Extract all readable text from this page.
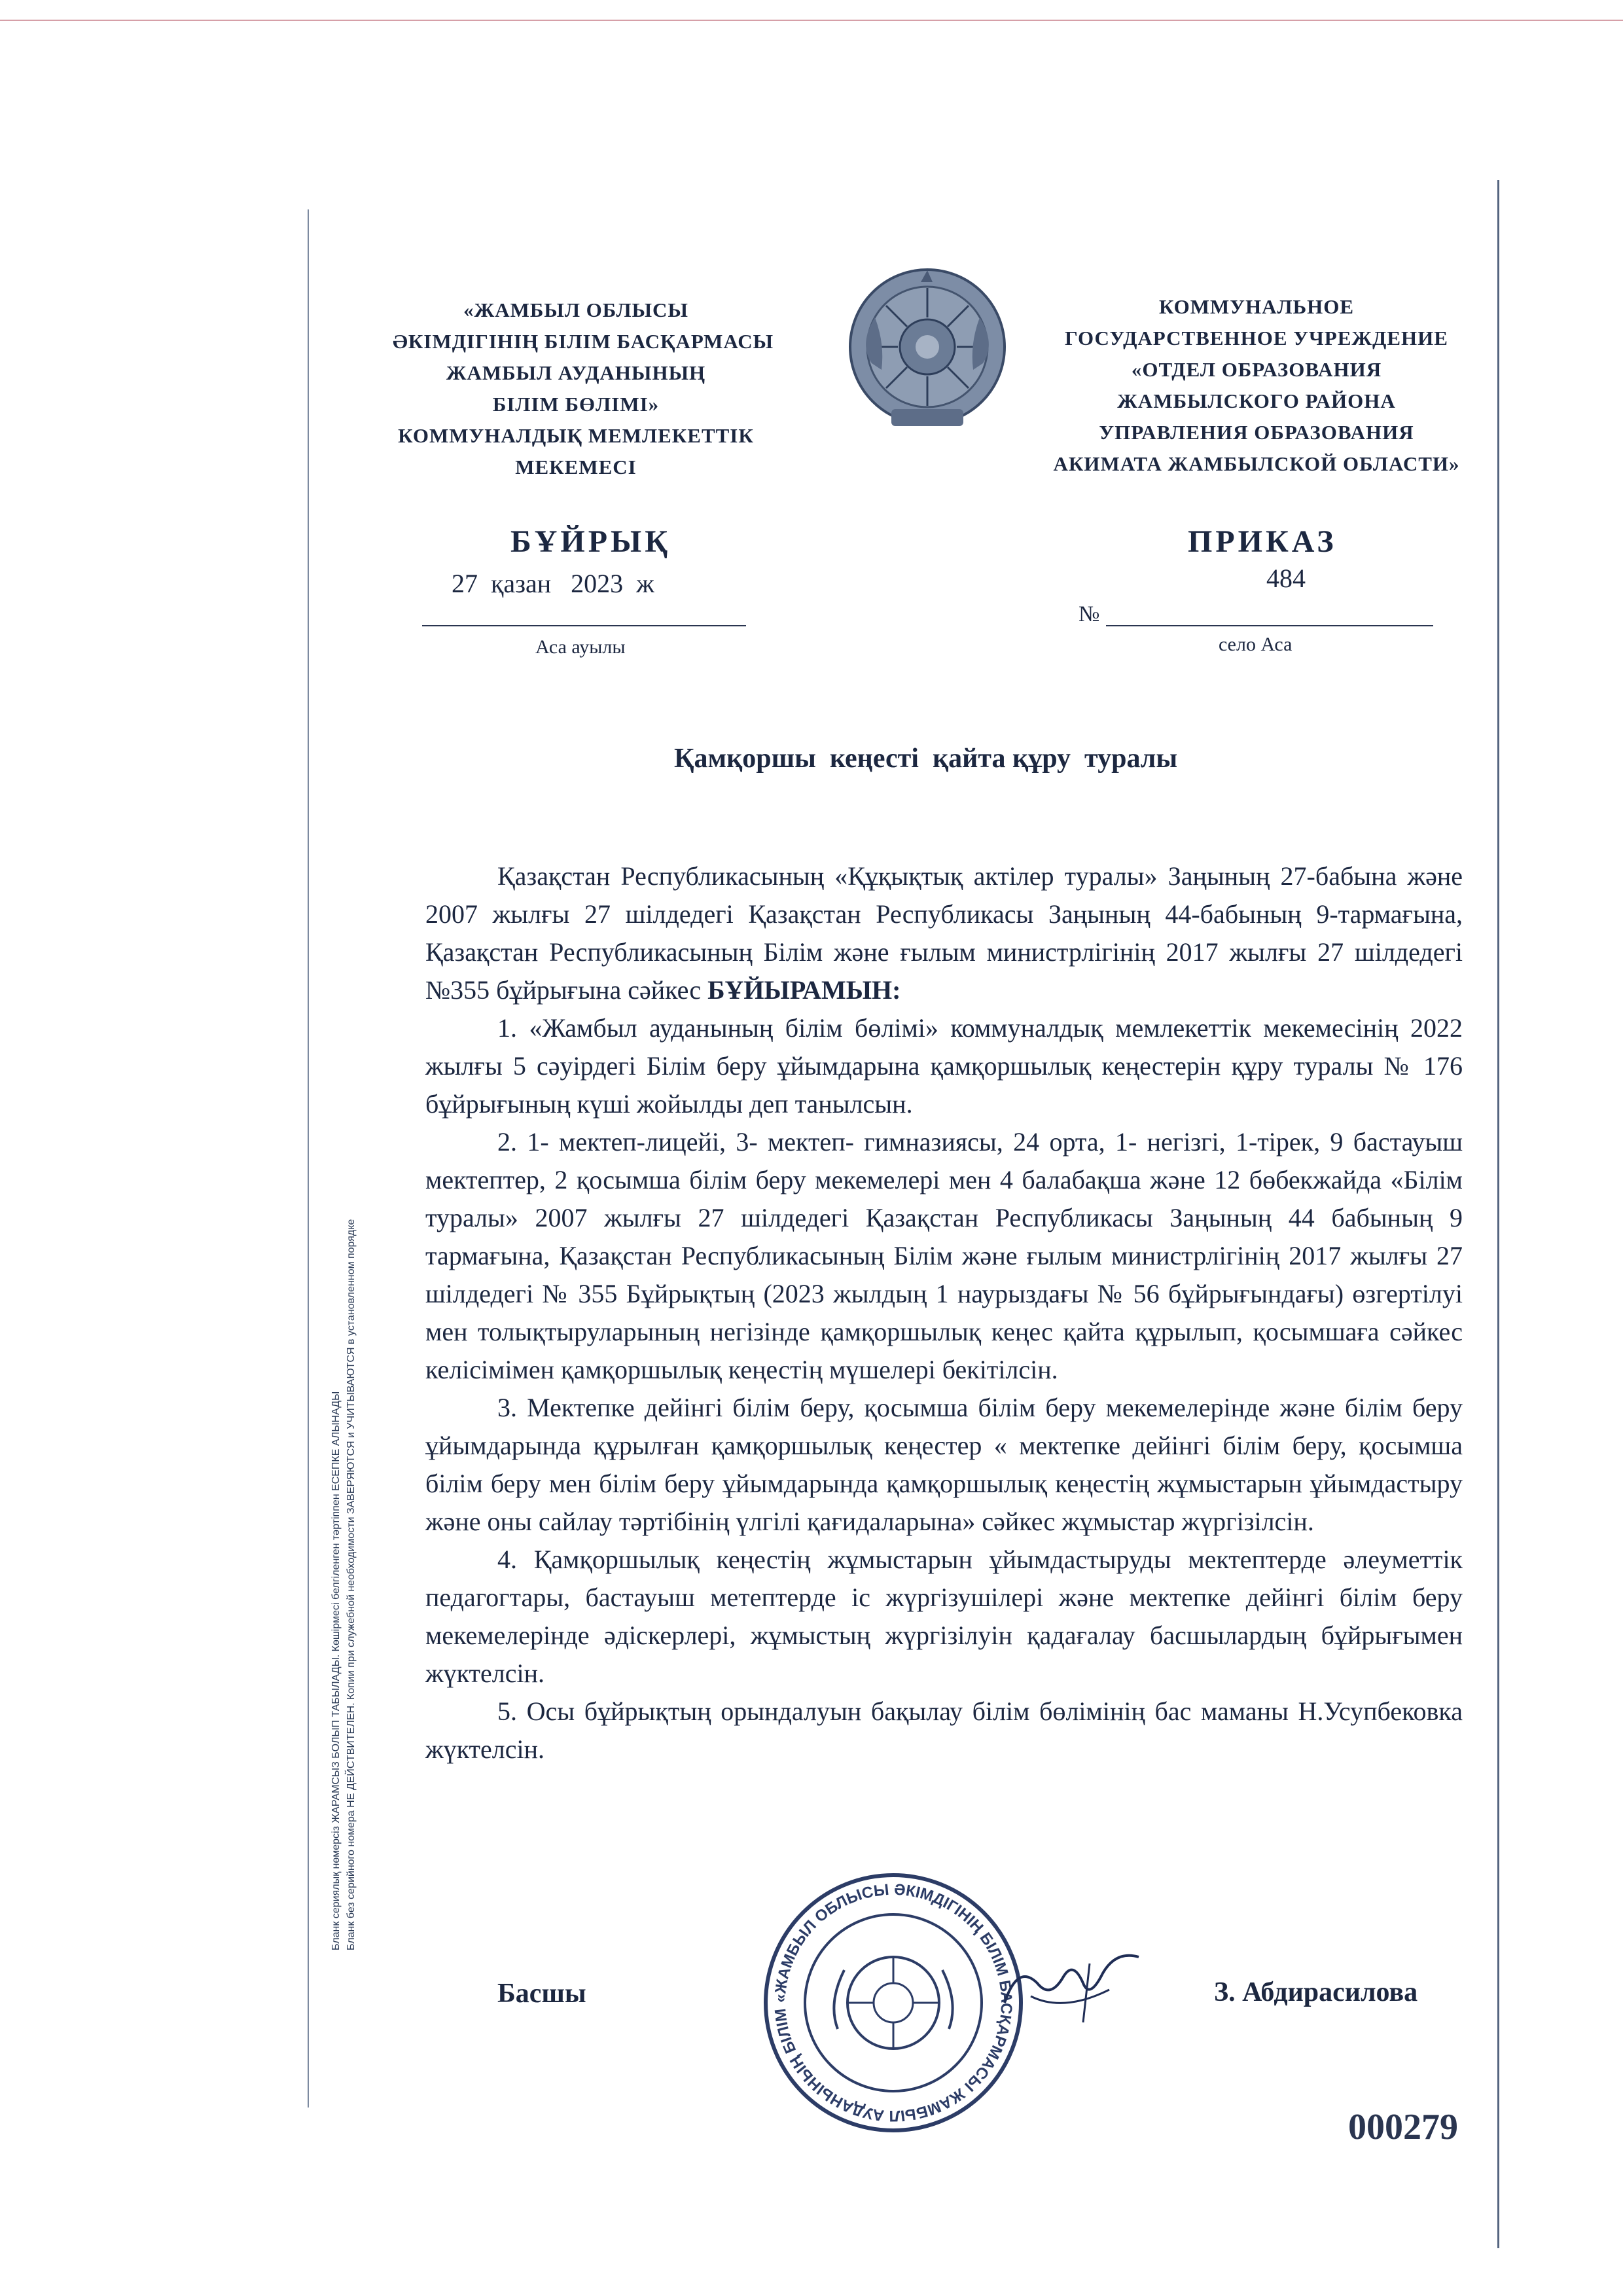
Бланк сериялық нөмерсіз ЖАРАМСЫЗ БОЛЫП ТАБЫЛАДЫ. Көшірмесі белгіленген тәртіппен ЕСЕПКЕ АЛЫНАДЫ Бланк без серийного номера НЕ ДЕЙСТВИТЕЛЕН. Копии при служебной необходимости ЗАВЕРЯЮТСЯ и УЧИТЫВАЮТСЯ в установленном порядке
«ЖАМБЫЛ ОБЛЫСЫ
ӘКІМДІГІНІҢ БІЛІМ БАСҚАРМАСЫ
ЖАМБЫЛ АУДАНЫНЫҢ
БІЛІМ БӨЛІМІ»
КОММУНАЛДЫҚ МЕМЛЕКЕТТІК
МЕКЕМЕСІ
КОММУНАЛЬНОЕ
ГОСУДАРСТВЕННОЕ УЧРЕЖДЕНИЕ
«ОТДЕЛ ОБРАЗОВАНИЯ
ЖАМБЫЛСКОГО РАЙОНА
УПРАВЛЕНИЯ ОБРАЗОВАНИЯ
АКИМАТА ЖАМБЫЛСКОЙ ОБЛАСТИ»
БҰЙРЫҚ
27  қазан   2023  ж
Аса ауылы
ПРИКАЗ
484
№
село Аса
Қамқоршы  кеңесті  қайта құру  туралы

Қазақстан Республикасының «Құқықтық актілер туралы» Заңының 27-бабына және 2007 жылғы 27 шілдедегі Қазақстан Республикасы Заңының 44-бабының 9-тармағына, Қазақстан Республикасының Білім және ғылым министрлігінің 2017 жылғы 27 шілдедегі №355 бұйрығына сәйкес БҰЙЫРАМЫН:

1. «Жамбыл ауданының білім бөлімі» коммуналдық мемлекеттік мекемесінің 2022 жылғы 5 сәуірдегі Білім беру ұйымдарына қамқоршылық кеңестерін құру туралы № 176 бұйрығының күші жойылды деп танылсын.

2. 1- мектеп-лицейі, 3- мектеп- гимназиясы, 24 орта, 1- негізгі, 1-тірек, 9 бастауыш мектептер, 2 қосымша білім беру мекемелері мен 4 балабақша және 12 бөбекжайда «Білім туралы» 2007 жылғы 27 шілдедегі Қазақстан Республикасы Заңының 44 бабының 9 тармағына, Қазақстан Республикасының Білім және ғылым министрлігінің 2017 жылғы 27 шілдедегі № 355 Бұйрықтың (2023 жылдың 1 наурыздағы № 56 бұйрығындағы) өзгертілуі мен толықтыруларының негізінде қамқоршылық кеңес қайта құрылып, қосымшаға сәйкес келісімімен қамқоршылық кеңестің мүшелері бекітілсін.

3. Мектепке дейінгі білім беру, қосымша білім беру мекемелерінде және білім беру ұйымдарында құрылған қамқоршылық кеңестер « мектепке дейінгі білім беру, қосымша білім беру мен білім беру ұйымдарында қамқоршылық кеңестің жұмыстарын ұйымдастыру және оны сайлау тәртібінің үлгілі қағидаларына» сәйкес жұмыстар жүргізілсін.

4. Қамқоршылық кеңестің жұмыстарын ұйымдастыруды мектептерде әлеуметтік педагогтары, бастауыш метептерде іс жүргізушілері және мектепке дейінгі білім беру мекемелерінде әдіскерлері, жұмыстың жүргізілуін қадағалау басшылардың бұйрығымен жүктелсін.

5. Осы бұйрықтың орындалуын бақылау білім бөлімінің бас маманы Н.Усупбековка жүктелсін.

Басшы	«ЖАМБЫЛ ОБЛЫСЫ ӘКІМДІГІНІҢ БІЛІМ БАСҚАРМАСЫ ЖАМБЫЛ АУДАНЫНЫҢ БІЛІМ
З. Абдирасилова
000279
